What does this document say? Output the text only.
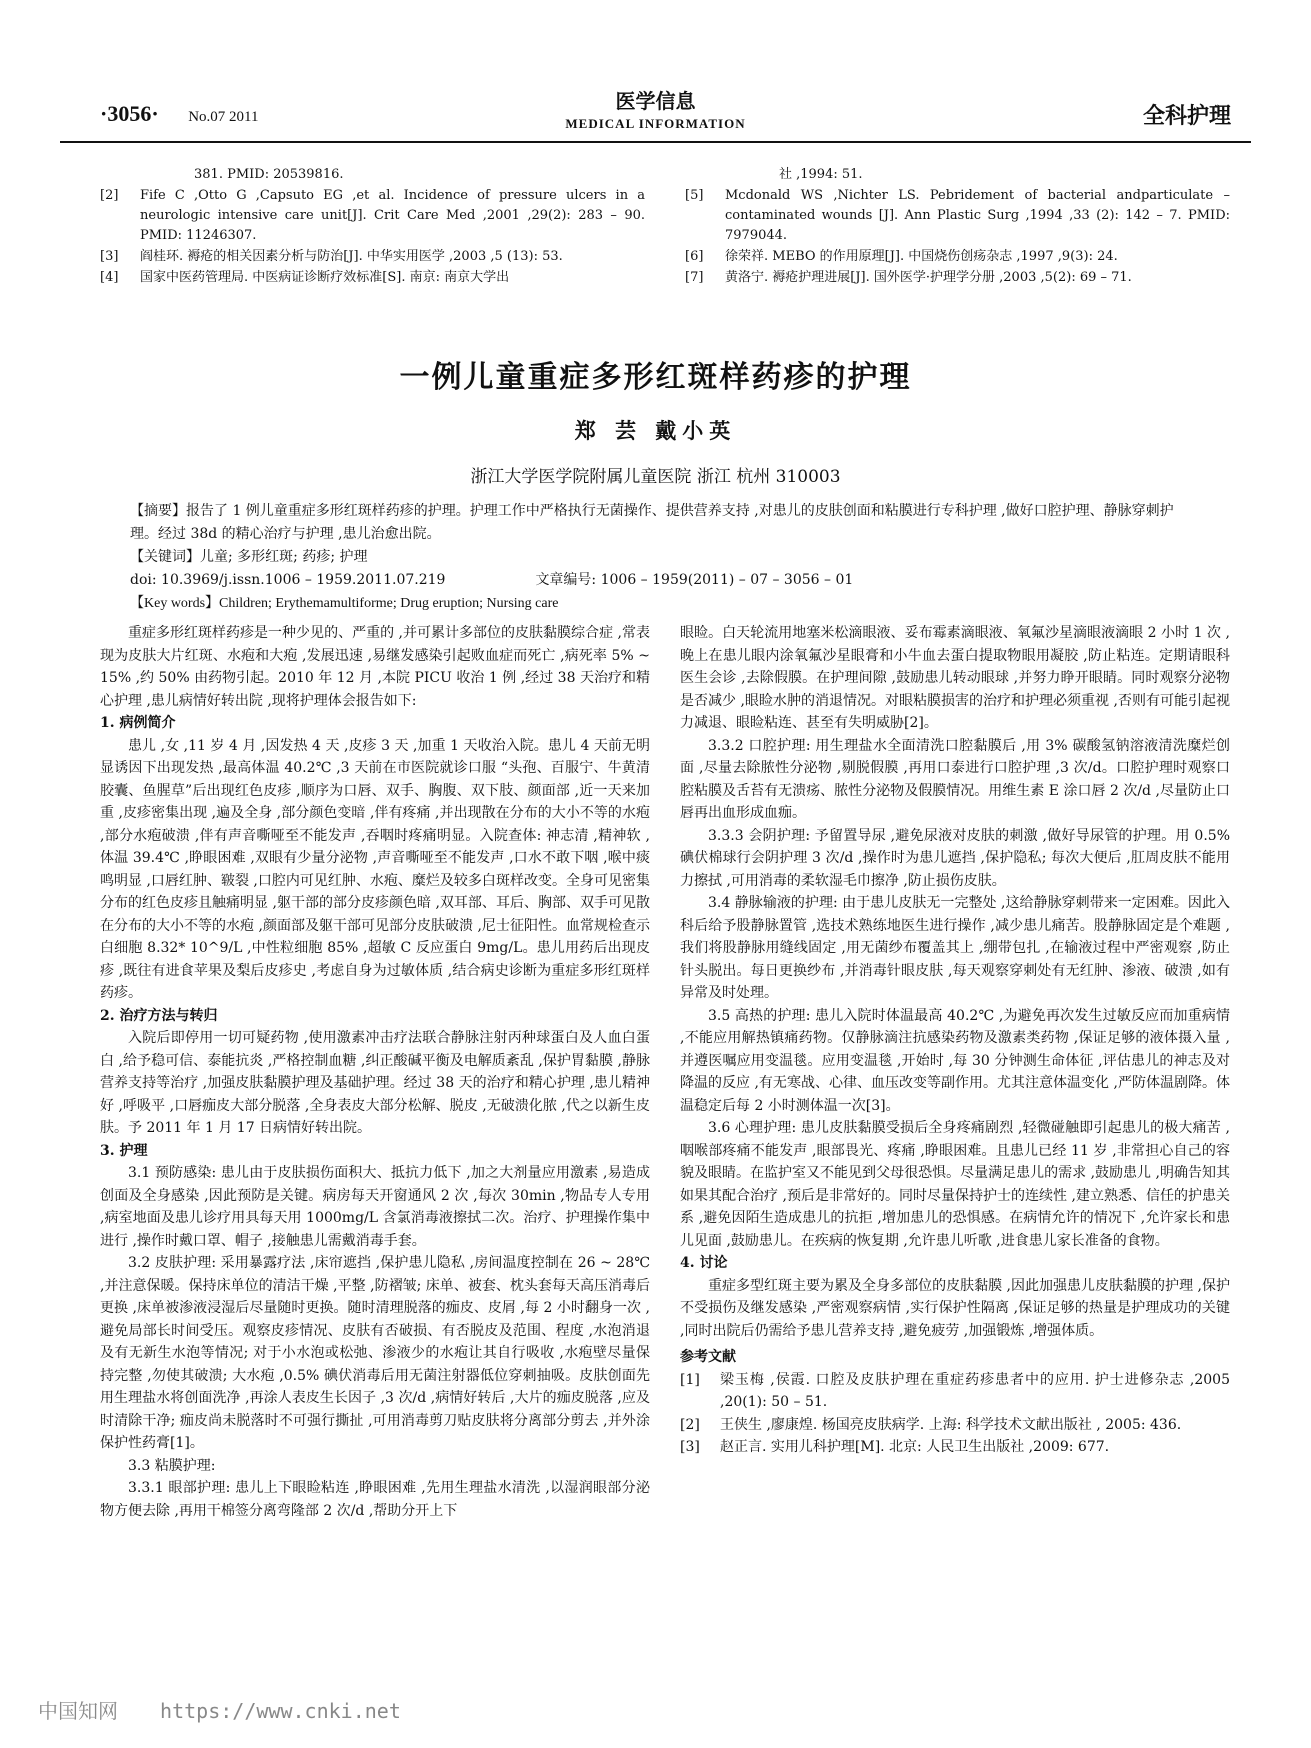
·3056· No.07 2011
医学信息
MEDICAL INFORMATION	全科护理
381. PMID: 20539816.
[2]	Fife C ,Otto G ,Capsuto EG ,et al. Incidence of pressure ulcers in a neurologic intensive care unit[J]. Crit Care Med ,2001 ,29(2): 283 – 90. PMID: 11246307.
[3]	阎桂环. 褥疮的相关因素分析与防治[J]. 中华实用医学 ,2003 ,5 (13): 53.
[4]	国家中医药管理局. 中医病证诊断疗效标准[S]. 南京: 南京大学出
社 ,1994: 51.
[5]	Mcdonald WS ,Nichter LS. Pebridement of bacterial andparticulate – contaminated wounds [J]. Ann Plastic Surg ,1994 ,33 (2): 142 – 7. PMID: 7979044.
[6]	徐荣祥. MEBO 的作用原理[J]. 中国烧伤创疡杂志 ,1997 ,9(3): 24.
[7]	黄洛宁. 褥疮护理进展[J]. 国外医学·护理学分册 ,2003 ,5(2): 69 – 71.
一例儿童重症多形红斑样药疹的护理
郑 芸 戴小英
浙江大学医学院附属儿童医院 浙江 杭州 310003
【摘要】报告了 1 例儿童重症多形红斑样药疹的护理。护理工作中严格执行无菌操作、提供营养支持 ,对患儿的皮肤创面和粘膜进行专科护理 ,做好口腔护理、静脉穿刺护理。经过 38d 的精心治疗与护理 ,患儿治愈出院。
【关键词】儿童; 多形红斑; 药疹; 护理
doi: 10.3969/j.issn.1006 – 1959.2011.07.219	文章编号: 1006 – 1959(2011) – 07 – 3056 – 01
【Key words】Children; Erythemamultiforme; Drug eruption; Nursing care
重症多形红斑样药疹是一种少见的、严重的 ,并可累计多部位的皮肤黏膜综合症 ,常表现为皮肤大片红斑、水疱和大疱 ,发展迅速 ,易继发感染引起败血症而死亡 ,病死率 5% ~ 15% ,约 50% 由药物引起。2010 年 12 月 ,本院 PICU 收治 1 例 ,经过 38 天治疗和精心护理 ,患儿病情好转出院 ,现将护理体会报告如下:
1. 病例简介
患儿 ,女 ,11 岁 4 月 ,因发热 4 天 ,皮疹 3 天 ,加重 1 天收治入院。患儿 4 天前无明显诱因下出现发热 ,最高体温 40.2℃ ,3 天前在市医院就诊口服 “头孢、百服宁、牛黄清胶囊、鱼腥草”后出现红色皮疹 ,顺序为口唇、双手、胸腹、双下肢、颜面部 ,近一天来加重 ,皮疹密集出现 ,遍及全身 ,部分颜色变暗 ,伴有疼痛 ,并出现散在分布的大小不等的水疱 ,部分水疱破溃 ,伴有声音嘶哑至不能发声 ,吞咽时疼痛明显。入院查体: 神志清 ,精神软 ,体温 39.4℃ ,睁眼困难 ,双眼有少量分泌物 ,声音嘶哑至不能发声 ,口水不敢下咽 ,喉中痰鸣明显 ,口唇红肿、皲裂 ,口腔内可见红肿、水疱、糜烂及较多白斑样改变。全身可见密集分布的红色皮疹且触痛明显 ,躯干部的部分皮疹颜色暗 ,双耳部、耳后、胸部、双手可见散在分布的大小不等的水疱 ,颜面部及躯干部可见部分皮肤破溃 ,尼士征阳性。血常规检查示白细胞 8.32* 10^9/L ,中性粒细胞 85% ,超敏 C 反应蛋白 9mg/L。患儿用药后出现皮疹 ,既往有进食苹果及梨后皮疹史 ,考虑自身为过敏体质 ,结合病史诊断为重症多形红斑样药疹。
2. 治疗方法与转归
入院后即停用一切可疑药物 ,使用激素冲击疗法联合静脉注射丙种球蛋白及人血白蛋白 ,给予稳可信、泰能抗炎 ,严格控制血糖 ,纠正酸碱平衡及电解质紊乱 ,保护胃黏膜 ,静脉营养支持等治疗 ,加强皮肤黏膜护理及基础护理。经过 38 天的治疗和精心护理 ,患儿精神好 ,呼吸平 ,口唇痂皮大部分脱落 ,全身表皮大部分松解、脱皮 ,无破溃化脓 ,代之以新生皮肤。予 2011 年 1 月 17 日病情好转出院。
3. 护理
3.1 预防感染: 患儿由于皮肤损伤面积大、抵抗力低下 ,加之大剂量应用激素 ,易造成创面及全身感染 ,因此预防是关键。病房每天开窗通风 2 次 ,每次 30min ,物品专人专用 ,病室地面及患儿诊疗用具每天用 1000mg/L 含氯消毒液擦拭二次。治疗、护理操作集中进行 ,操作时戴口罩、帽子 ,接触患儿需戴消毒手套。
3.2 皮肤护理: 采用暴露疗法 ,床帘遮挡 ,保护患儿隐私 ,房间温度控制在 26 ~ 28℃ ,并注意保暖。保持床单位的清洁干燥 ,平整 ,防褶皱; 床单、被套、枕头套每天高压消毒后更换 ,床单被渗液浸湿后尽量随时更换。随时清理脱落的痂皮、皮屑 ,每 2 小时翻身一次 ,避免局部长时间受压。观察皮疹情况、皮肤有否破损、有否脱皮及范围、程度 ,水泡消退及有无新生水泡等情况; 对于小水泡或松弛、渗液少的水疱让其自行吸收 ,水疱壁尽量保持完整 ,勿使其破溃; 大水疱 ,0.5% 碘伏消毒后用无菌注射器低位穿刺抽吸。皮肤创面先用生理盐水将创面洗净 ,再涂人表皮生长因子 ,3 次/d ,病情好转后 ,大片的痂皮脱落 ,应及时清除干净; 痂皮尚未脱落时不可强行撕扯 ,可用消毒剪刀贴皮肤将分离部分剪去 ,并外涂保护性药膏[1]。
3.3 粘膜护理:
3.3.1 眼部护理: 患儿上下眼睑粘连 ,睁眼困难 ,先用生理盐水清洗 ,以湿润眼部分泌物方便去除 ,再用干棉签分离弯隆部 2 次/d ,帮助分开上下
眼睑。白天轮流用地塞米松滴眼液、妥布霉素滴眼液、氧氟沙星滴眼液滴眼 2 小时 1 次 ,晚上在患儿眼内涂氧氟沙星眼膏和小牛血去蛋白提取物眼用凝胶 ,防止粘连。定期请眼科医生会诊 ,去除假膜。在护理间隙 ,鼓励患儿转动眼球 ,并努力睁开眼睛。同时观察分泌物是否减少 ,眼睑水肿的消退情况。对眼粘膜损害的治疗和护理必须重视 ,否则有可能引起视力减退、眼睑粘连、甚至有失明威胁[2]。
3.3.2 口腔护理: 用生理盐水全面清洗口腔黏膜后 ,用 3% 碳酸氢钠溶液清洗糜烂创面 ,尽量去除脓性分泌物 ,剔脱假膜 ,再用口泰进行口腔护理 ,3 次/d。口腔护理时观察口腔粘膜及舌苔有无溃疡、脓性分泌物及假膜情况。用维生素 E 涂口唇 2 次/d ,尽量防止口唇再出血形成血痂。
3.3.3 会阴护理: 予留置导尿 ,避免尿液对皮肤的刺激 ,做好导尿管的护理。用 0.5% 碘伏棉球行会阴护理 3 次/d ,操作时为患儿遮挡 ,保护隐私; 每次大便后 ,肛周皮肤不能用力擦拭 ,可用消毒的柔软湿毛巾擦净 ,防止损伤皮肤。
3.4 静脉输液的护理: 由于患儿皮肤无一完整处 ,这给静脉穿刺带来一定困难。因此入科后给予股静脉置管 ,选技术熟练地医生进行操作 ,减少患儿痛苦。股静脉固定是个难题 ,我们将股静脉用缝线固定 ,用无菌纱布覆盖其上 ,绷带包扎 ,在输液过程中严密观察 ,防止针头脱出。每日更换纱布 ,并消毒针眼皮肤 ,每天观察穿刺处有无红肿、渗液、破溃 ,如有异常及时处理。
3.5 高热的护理: 患儿入院时体温最高 40.2℃ ,为避免再次发生过敏反应而加重病情 ,不能应用解热镇痛药物。仅静脉滴注抗感染药物及激素类药物 ,保证足够的液体摄入量 ,并遵医嘱应用变温毯。应用变温毯 ,开始时 ,每 30 分钟测生命体征 ,评估患儿的神志及对降温的反应 ,有无寒战、心律、血压改变等副作用。尤其注意体温变化 ,严防体温剧降。体温稳定后每 2 小时测体温一次[3]。
3.6 心理护理: 患儿皮肤黏膜受损后全身疼痛剧烈 ,轻微碰触即引起患儿的极大痛苦 ,咽喉部疼痛不能发声 ,眼部畏光、疼痛 ,睁眼困难。且患儿已经 11 岁 ,非常担心自己的容貌及眼睛。在监护室又不能见到父母很恐惧。尽量满足患儿的需求 ,鼓励患儿 ,明确告知其如果其配合治疗 ,预后是非常好的。同时尽量保持护士的连续性 ,建立熟悉、信任的护患关系 ,避免因陌生造成患儿的抗拒 ,增加患儿的恐惧感。在病情允许的情况下 ,允许家长和患儿见面 ,鼓励患儿。在疾病的恢复期 ,允许患儿听歌 ,进食患儿家长准备的食物。
4. 讨论
重症多型红斑主要为累及全身多部位的皮肤黏膜 ,因此加强患儿皮肤黏膜的护理 ,保护不受损伤及继发感染 ,严密观察病情 ,实行保护性隔离 ,保证足够的热量是护理成功的关键 ,同时出院后仍需给予患儿营养支持 ,避免疲劳 ,加强锻炼 ,增强体质。
参考文献
[1]	梁玉梅 ,侯霞. 口腔及皮肤护理在重症药疹患者中的应用. 护士进修杂志 ,2005 ,20(1): 50 – 51.
[2]	王侠生 ,廖康煌. 杨国亮皮肤病学. 上海: 科学技术文献出版社 , 2005: 436.
[3]	赵正言. 实用儿科护理[M]. 北京: 人民卫生出版社 ,2009: 677.
中国知网 https://www.cnki.net
